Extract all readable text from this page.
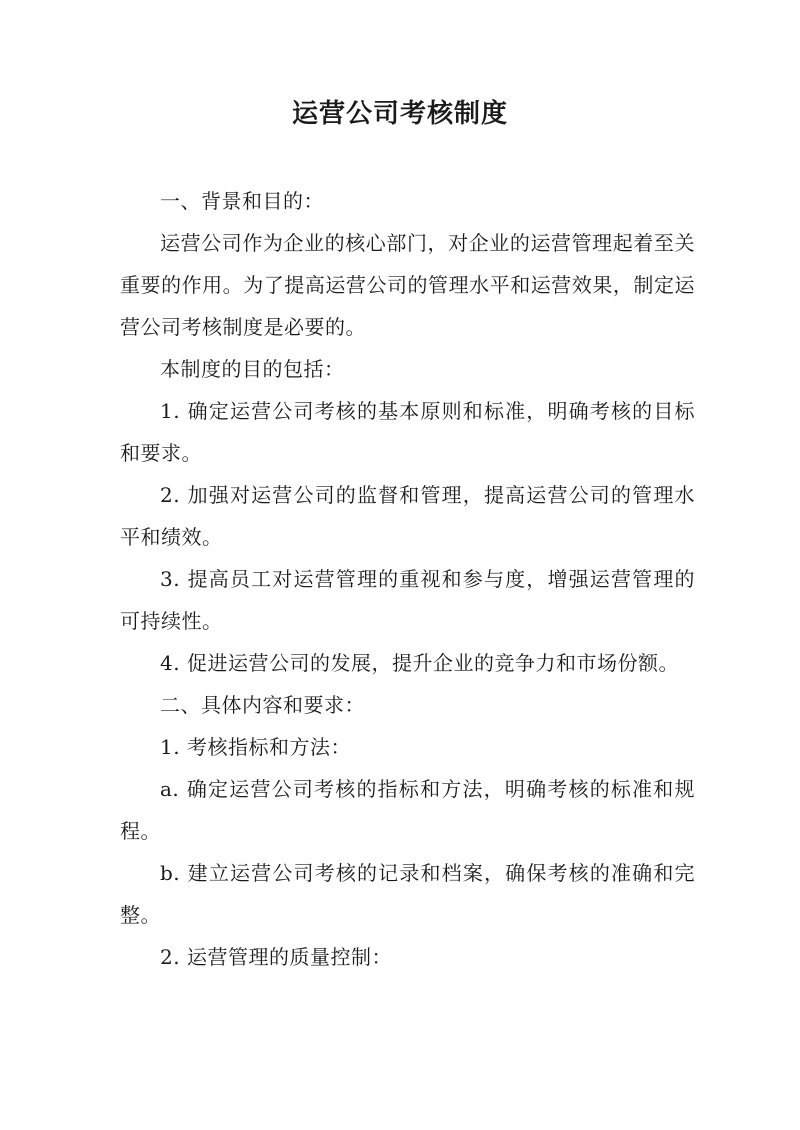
运营公司考核制度

一、背景和目的：

运营公司作为企业的核心部门，对企业的运营管理起着至关重要的作用。为了提高运营公司的管理水平和运营效果，制定运营公司考核制度是必要的。

本制度的目的包括：

1. 确定运营公司考核的基本原则和标准，明确考核的目标和要求。

2. 加强对运营公司的监督和管理，提高运营公司的管理水平和绩效。

3. 提高员工对运营管理的重视和参与度，增强运营管理的可持续性。

4. 促进运营公司的发展，提升企业的竞争力和市场份额。

二、具体内容和要求：

1. 考核指标和方法：

a. 确定运营公司考核的指标和方法，明确考核的标准和规程。

b. 建立运营公司考核的记录和档案，确保考核的准确和完整。

2. 运营管理的质量控制：
